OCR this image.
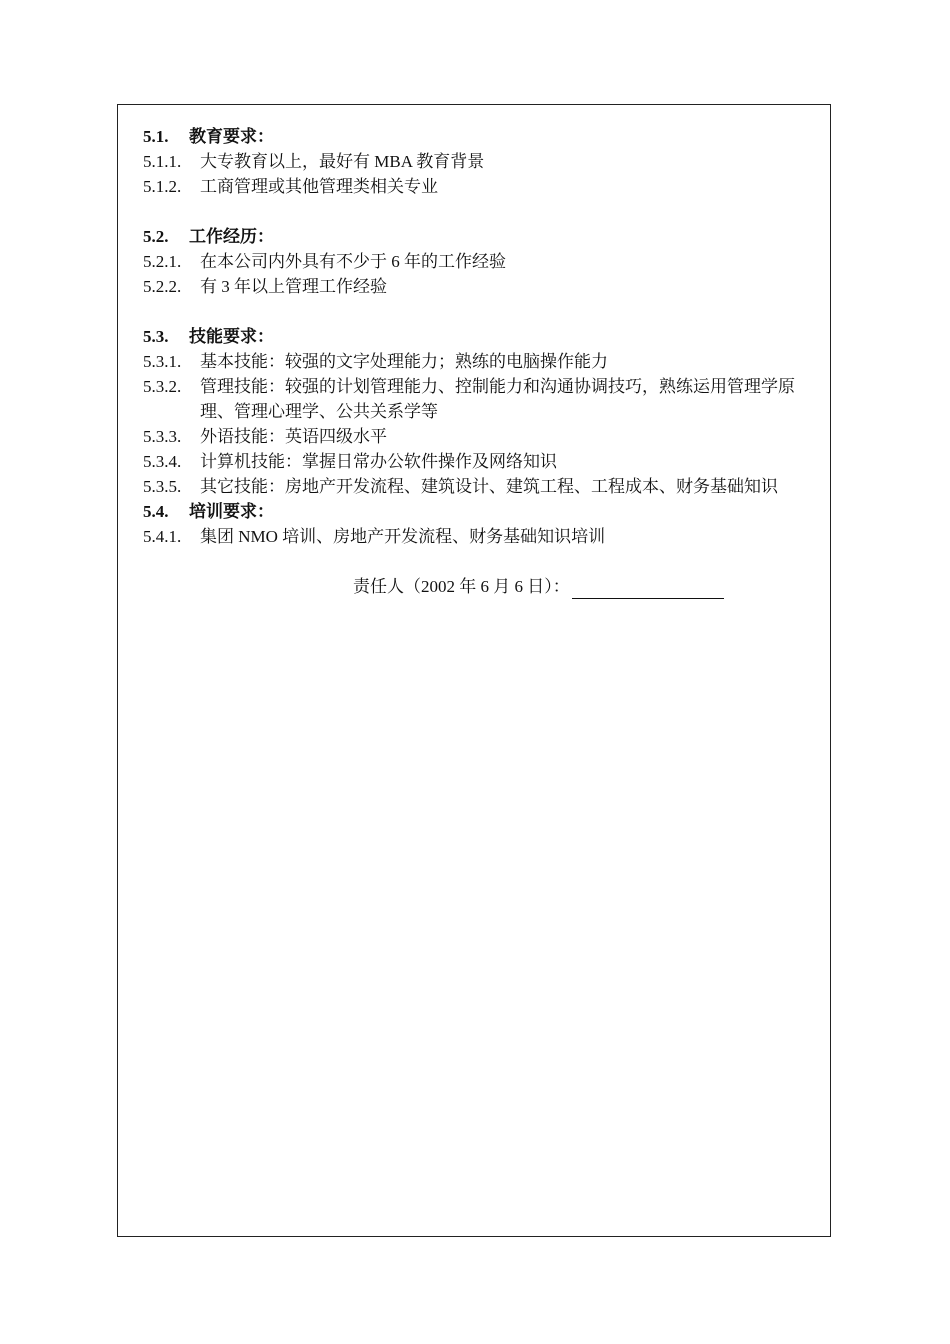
5.1.	教育要求：
5.1.1.	大专教育以上，最好有 MBA 教育背景
5.1.2.	工商管理或其他管理类相关专业
5.2.	工作经历：
5.2.1.	在本公司内外具有不少于 6 年的工作经验
5.2.2.	有 3 年以上管理工作经验
5.3.	技能要求：
5.3.1.	基本技能：较强的文字处理能力；熟练的电脑操作能力
5.3.2.	管理技能：较强的计划管理能力、控制能力和沟通协调技巧，熟练运用管理学原理、管理心理学、公共关系学等
5.3.3.	外语技能：英语四级水平
5.3.4.	计算机技能：掌握日常办公软件操作及网络知识
5.3.5.	其它技能：房地产开发流程、建筑设计、建筑工程、工程成本、财务基础知识
5.4.	培训要求：
5.4.1.	集团 NMO 培训、房地产开发流程、财务基础知识培训
责任人（2002 年 6 月 6 日）：
